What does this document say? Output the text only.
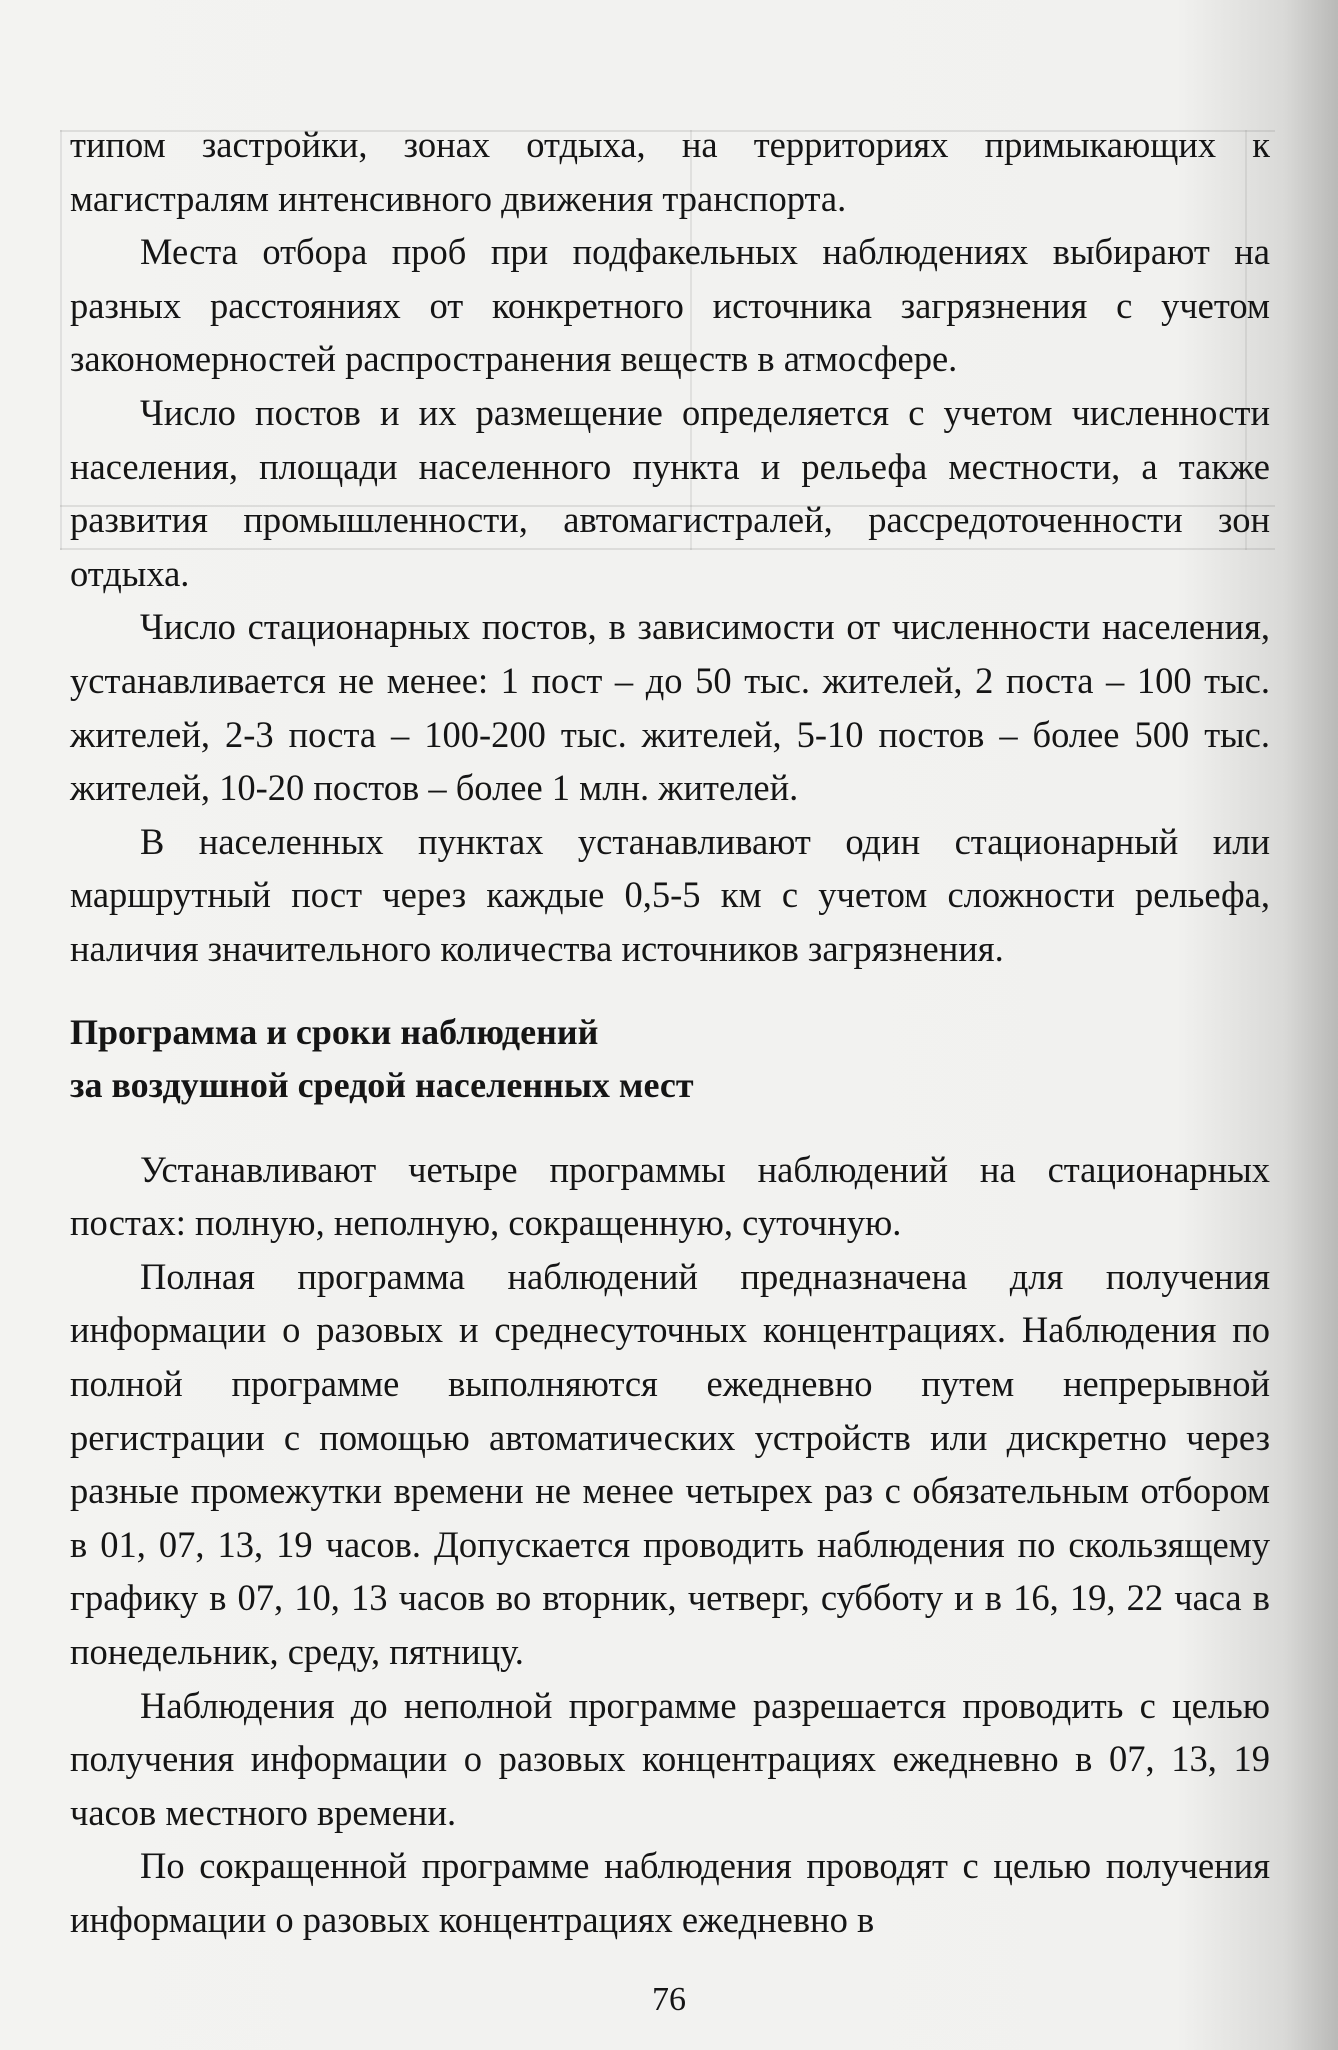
типом застройки, зонах отдыха, на территориях примыкающих к магистралям интенсивного движения транспорта.

Места отбора проб при подфакельных наблюдениях выбирают на разных расстояниях от конкретного источника загрязнения с учетом закономерностей распространения веществ в атмосфере.

Число постов и их размещение определяется с учетом численности населения, площади населенного пункта и рельефа местности, а также развития промышленности, автомагистралей, рассредоточенности зон отдыха.

Число стационарных постов, в зависимости от численности населения, устанавливается не менее: 1 пост – до 50 тыс. жителей, 2 поста – 100 тыс. жителей, 2-3 поста – 100-200 тыс. жителей, 5-10 постов – более 500 тыс. жителей, 10-20 постов – более 1 млн. жителей.

В населенных пунктах устанавливают один стационарный или маршрутный пост через каждые 0,5-5 км с учетом сложности рельефа, наличия значительного количества источников загрязнения.

Программа и сроки наблюдений

за воздушной средой населенных мест

Устанавливают четыре программы наблюдений на стационарных постах: полную, неполную, сокращенную, суточную.

Полная программа наблюдений предназначена для получения информации о разовых и среднесуточных концентрациях. Наблюдения по полной программе выполняются ежедневно путем непрерывной регистрации с помощью автоматических устройств или дискретно через разные промежутки времени не менее четырех раз с обязательным отбором в 01, 07, 13, 19 часов. Допускается проводить наблюдения по скользящему графику в 07, 10, 13 часов во вторник, четверг, субботу и в 16, 19, 22 часа в понедельник, среду, пятницу.

Наблюдения до неполной программе разрешается проводить с целью получения информации о разовых концентрациях ежедневно в 07, 13, 19 часов местного времени.

По сокращенной программе наблюдения проводят с целью получения информации о разовых концентрациях ежедневно в

76
